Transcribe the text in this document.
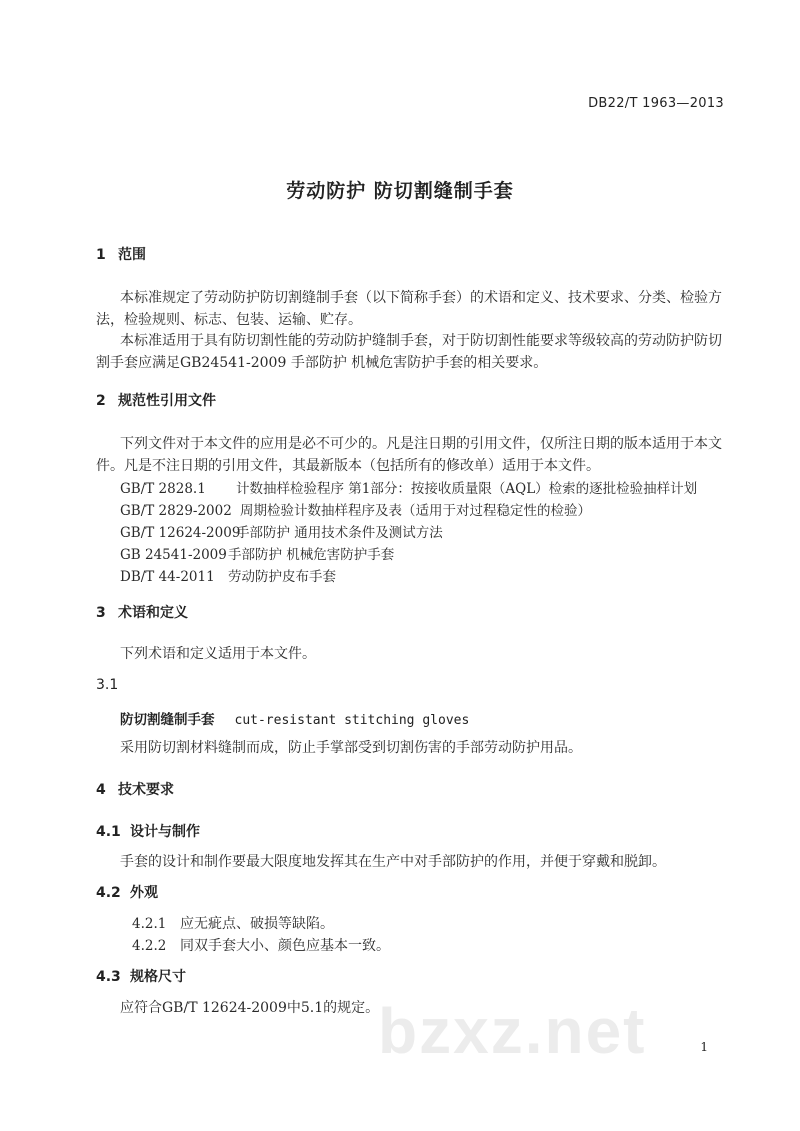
DB22/T 1963—2013
劳动防护 防切割缝制手套
1 范围
本标准规定了劳动防护防切割缝制手套（以下简称手套）的术语和定义、技术要求、分类、检验方
法，检验规则、标志、包装、运输、贮存。
本标准适用于具有防切割性能的劳动防护缝制手套，对于防切割性能要求等级较高的劳动防护防切
割手套应满足GB24541-2009 手部防护 机械危害防护手套的相关要求。
2 规范性引用文件
下列文件对于本文件的应用是必不可少的。凡是注日期的引用文件，仅所注日期的版本适用于本文
件。凡是不注日期的引用文件，其最新版本（包括所有的修改单）适用于本文件。
GB/T 2828.1 计数抽样检验程序 第1部分：按接收质量限（AQL）检索的逐批检验抽样计划
GB/T 2829-2002 周期检验计数抽样程序及表（适用于对过程稳定性的检验）
GB/T 12624-2009手部防护 通用技术条件及测试方法
GB 24541-2009手部防护 机械危害防护手套
DB/T 44-2011 劳动防护皮布手套
3 术语和定义
下列术语和定义适用于本文件。
3.1
防切割缝制手套 cut-resistant stitching gloves
采用防切割材料缝制而成，防止手掌部受到切割伤害的手部劳动防护用品。
4 技术要求
4.1 设计与制作
手套的设计和制作要最大限度地发挥其在生产中对手部防护的作用，并便于穿戴和脱卸。
4.2 外观
4.2.1 应无疵点、破损等缺陷。
4.2.2 同双手套大小、颜色应基本一致。
4.3 规格尺寸
应符合GB/T 12624-2009中5.1的规定。
bzxz.net	1
